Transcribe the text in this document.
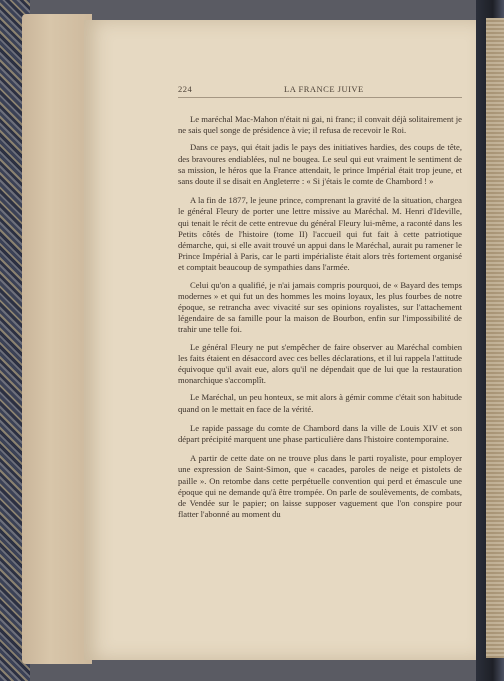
224	LA FRANCE JUIVE

Le maréchal Mac-Mahon n'était ni gai, ni franc; il convait déjà solitairement je ne sais quel songe de présidence à vie; il refusa de recevoir le Roi.

Dans ce pays, qui était jadis le pays des initiatives hardies, des coups de tête, des bravoures endiablées, nul ne bougea. Le seul qui eut vraiment le sentiment de sa mission, le héros que la France attendait, le prince Impérial était trop jeune, et sans doute il se disait en Angleterre : « Si j'étais le comte de Chambord ! »

A la fin de 1877, le jeune prince, comprenant la gravité de la situation, chargea le général Fleury de porter une lettre missive au Maréchal. M. Henri d'Ideville, qui tenait le récit de cette entrevue du général Fleury lui-même, a raconté dans les Petits côtés de l'histoire (tome II) l'accueil qui fut fait à cette patriotique démarche, qui, si elle avait trouvé un appui dans le Maréchal, aurait pu ramener le Prince Impérial à Paris, car le parti impérialiste était alors très fortement organisé et comptait beaucoup de sympathies dans l'armée.

Celui qu'on a qualifié, je n'ai jamais compris pourquoi, de « Bayard des temps modernes » et qui fut un des hommes les moins loyaux, les plus fourbes de notre époque, se retrancha avec vivacité sur ses opinions royalistes, sur l'attachement légendaire de sa famille pour la maison de Bourbon, enfin sur l'impossibilité de trahir une telle foi.

Le général Fleury ne put s'empêcher de faire observer au Maréchal combien les faits étaient en désaccord avec ces belles déclarations, et il lui rappela l'attitude équivoque qu'il avait eue, alors qu'il ne dépendait que de lui que la restauration monarchique s'accomplît.

Le Maréchal, un peu honteux, se mit alors à gémir comme c'était son habitude quand on le mettait en face de la vérité.

Le rapide passage du comte de Chambord dans la ville de Louis XIV et son départ précipité marquent une phase particulière dans l'histoire contemporaine.

A partir de cette date on ne trouve plus dans le parti royaliste, pour employer une expression de Saint-Simon, que « cacades, paroles de neige et pistolets de paille ». On retombe dans cette perpétuelle convention qui perd et émascule une époque qui ne demande qu'à être trompée. On parle de soulèvements, de combats, de Vendée sur le papier; on laisse supposer vaguement que l'on conspire pour flatter l'abonné au moment du
